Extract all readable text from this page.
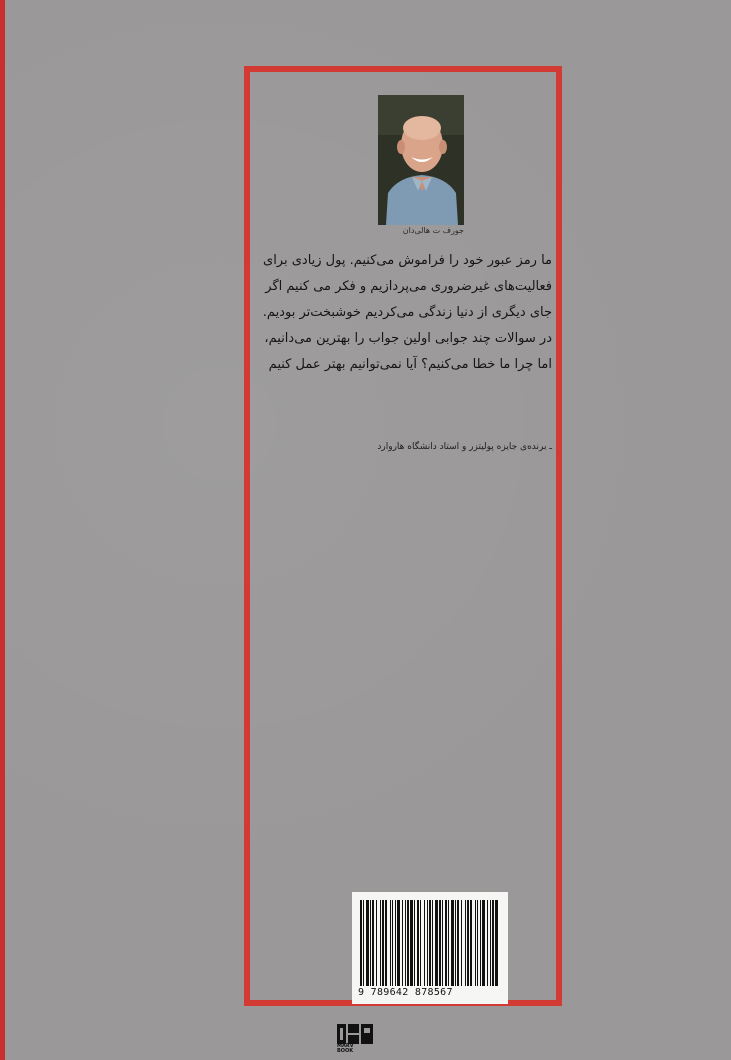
جورف ت هالی‌دان

ما رمز عبور خود را فراموش می‌کنیم. پول زیادی برای

فعالیت‌های غیرضروری می‌پردازیم و فکر می کنیم اگر

جای دیگری از دنیا زندگی می‌کردیم خوشبخت‌تر بودیم.

در سوالات چند جوابی اولین جواب را بهترین می‌دانیم،

اما چرا ما خطا می‌کنیم؟ آیا نمی‌توانیم بهتر عمل کنیم

ـ برنده‌ی جایزه پولیتزر و استاد دانشگاه هاروارد
9 789642 878567
MARV BOOK
